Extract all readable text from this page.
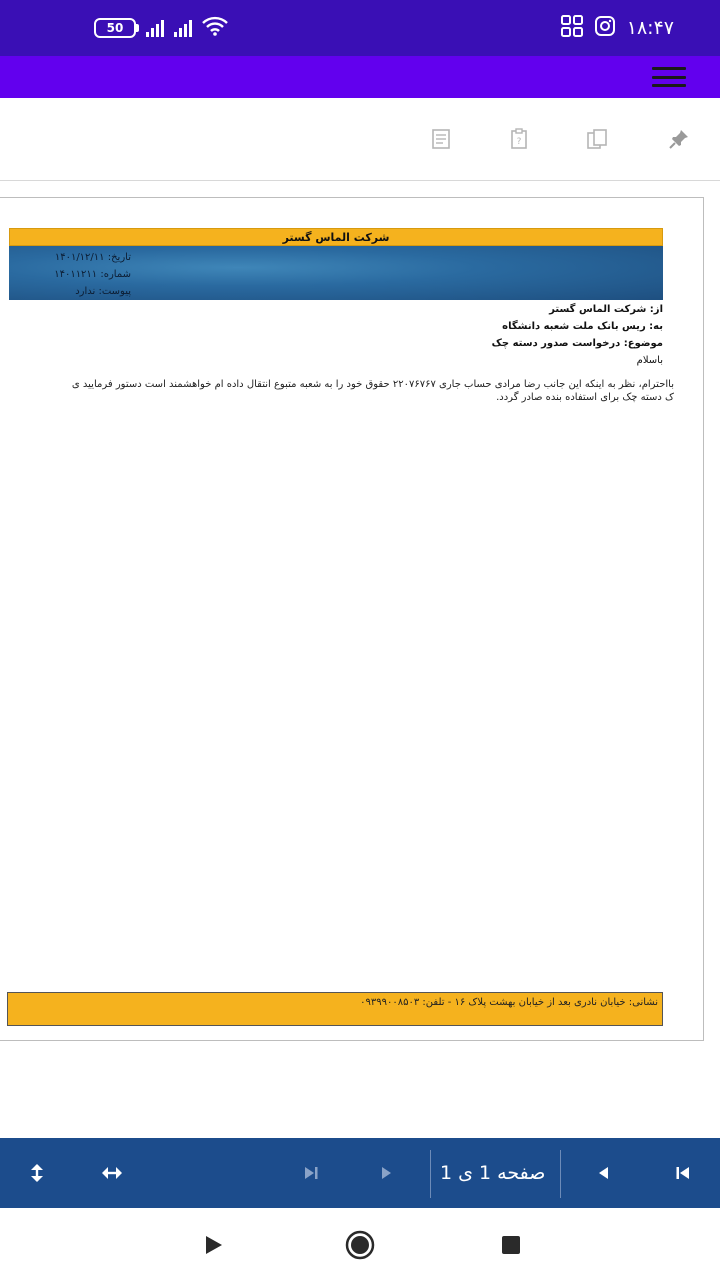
50	۱۸:۴۷
?
شرکت الماس گستر
تاریخ: ۱۴۰۱/۱۲/۱۱
شماره: ۱۴۰۱۱۲۱۱
پیوست: ندارد
از: شرکت الماس گستر
به: ریس بانک ملت شعبه دانشگاه
موضوع: درخواست صدور دسته چک
باسلام
بااحترام، نظر به اینکه این جانب رضا مرادی حساب جاری ۲۲۰۷۶۷۶۷ حقوق خود را به شعبه متبوع انتقال داده ام خواهشمند است دستور فرمایید ی
ک دسته چک برای استفاده بنده صادر گردد.
نشانی: خیابان نادری بعد از خیابان بهشت پلاک ۱۶ - تلفن: ۰۹۳۹۹۰۰۸۵۰۳
صفحه 1 ی 1
